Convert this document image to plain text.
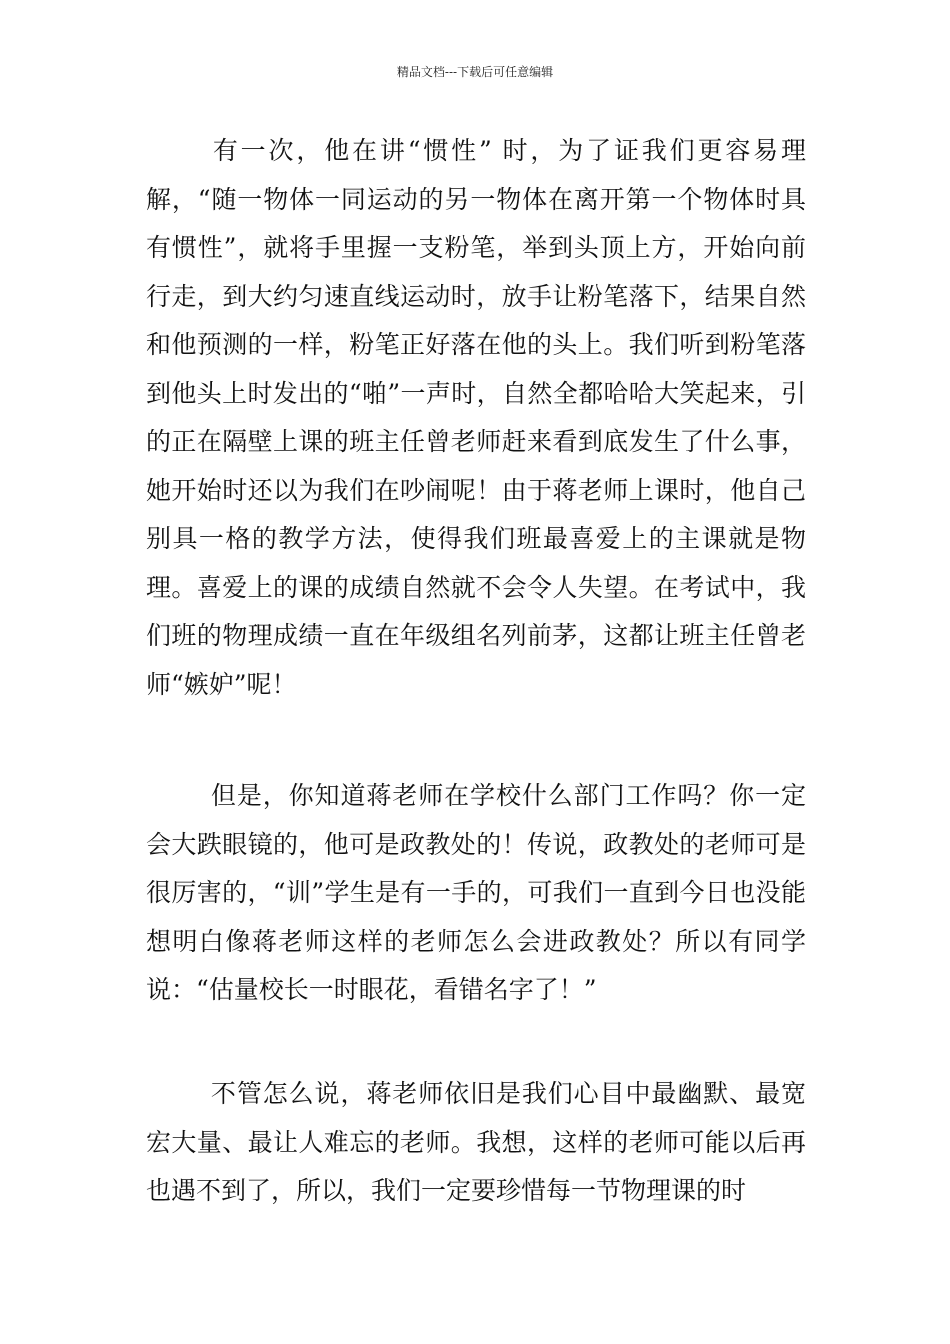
精品文档---下载后可任意编辑

有一次，他在讲“惯性” 时，为了证我们更容易理解，“随一物体一同运动的另一物体在离开第一个物体时具有惯性”，就将手里握一支粉笔，举到头顶上方，开始向前行走，到大约匀速直线运动时，放手让粉笔落下，结果自然和他预测的一样，粉笔正好落在他的头上。我们听到粉笔落到他头上时发出的“啪”一声时，自然全都哈哈大笑起来，引的正在隔壁上课的班主任曾老师赶来看到底发生了什么事，她开始时还以为我们在吵闹呢！由于蒋老师上课时，他自己别具一格的教学方法，使得我们班最喜爱上的主课就是物理。喜爱上的课的成绩自然就不会令人失望。在考试中，我们班的物理成绩一直在年级组名列前茅，这都让班主任曾老师“嫉妒”呢！

但是，你知道蒋老师在学校什么部门工作吗？你一定会大跌眼镜的，他可是政教处的！传说，政教处的老师可是很厉害的，“训”学生是有一手的，可我们一直到今日也没能想明白像蒋老师这样的老师怎么会进政教处？所以有同学说：“估量校长一时眼花，看错名字了！”

不管怎么说，蒋老师依旧是我们心目中最幽默、最宽宏大量、最让人难忘的老师。我想，这样的老师可能以后再也遇不到了，所以，我们一定要珍惜每一节物理课的时
